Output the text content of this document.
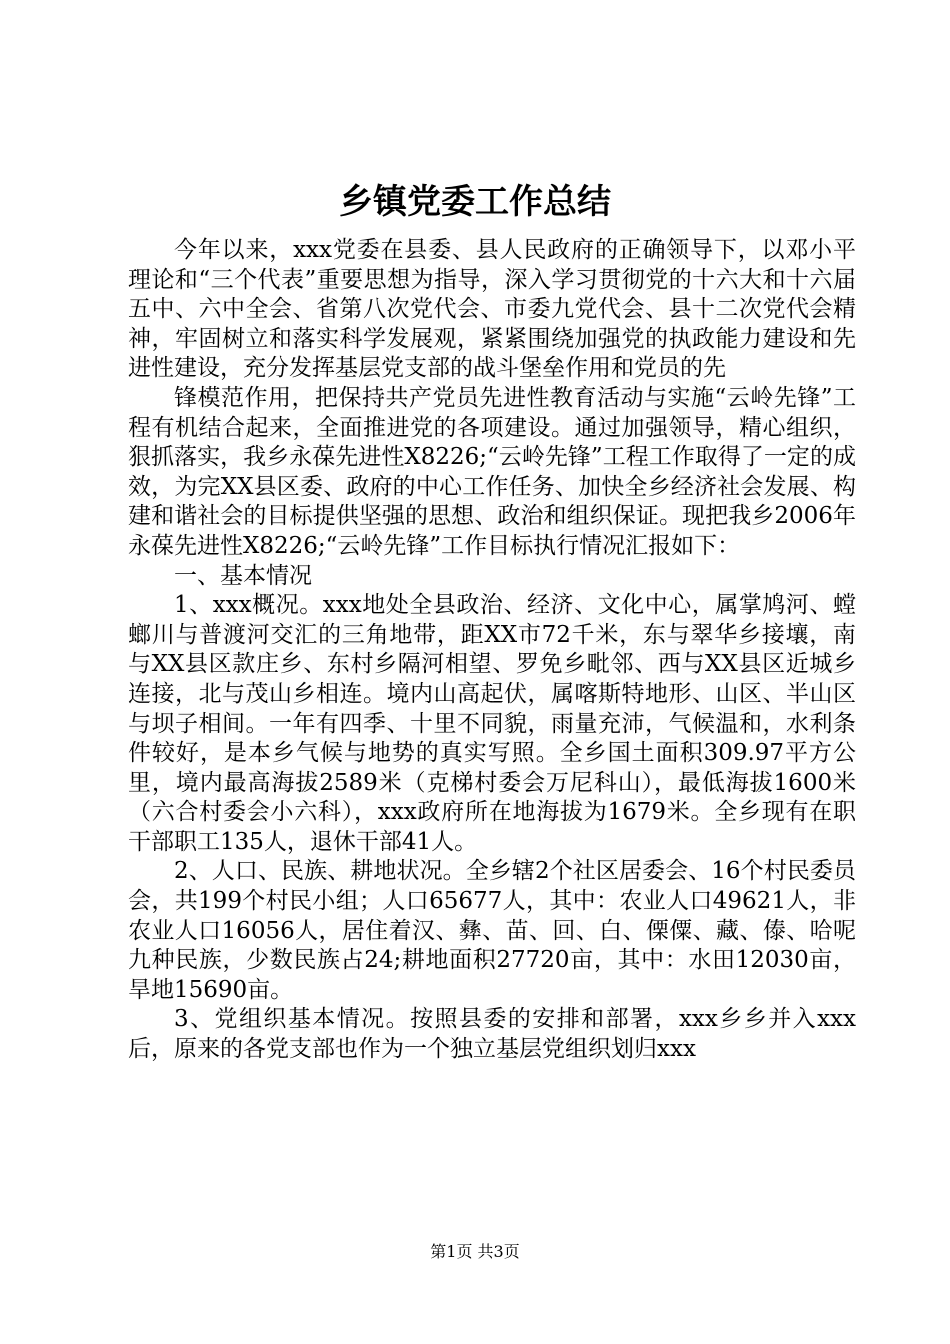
乡镇党委工作总结

今年以来，xxx党委在县委、县人民政府的正确领导下，以邓小平理论和“三个代表”重要思想为指导，深入学习贯彻党的十六大和十六届五中、六中全会、省第八次党代会、市委九党代会、县十二次党代会精神，牢固树立和落实科学发展观，紧紧围绕加强党的执政能力建设和先进性建设，充分发挥基层党支部的战斗堡垒作用和党员的先

锋模范作用，把保持共产党员先进性教育活动与实施“云岭先锋”工程有机结合起来，全面推进党的各项建设。通过加强领导，精心组织，狠抓落实，我乡永葆先进性X8226;“云岭先锋”工程工作取得了一定的成效，为完XX县区委、政府的中心工作任务、加快全乡经济社会发展、构建和谐社会的目标提供坚强的思想、政治和组织保证。现把我乡2006年永葆先进性X8226;“云岭先锋”工作目标执行情况汇报如下：

一、基本情况

1、xxx概况。xxx地处全县政治、经济、文化中心，属掌鸠河、螳螂川与普渡河交汇的三角地带，距XX市72千米，东与翠华乡接壤，南与XX县区款庄乡、东村乡隔河相望、罗免乡毗邻、西与XX县区近城乡连接，北与茂山乡相连。境内山高起伏，属喀斯特地形、山区、半山区与坝子相间。一年有四季、十里不同貌，雨量充沛，气候温和，水利条件较好，是本乡气候与地势的真实写照。全乡国土面积309.97平方公里，境内最高海拔2589米（克梯村委会万尼科山），最低海拔1600米（六合村委会小六科），xxx政府所在地海拔为1679米。全乡现有在职干部职工135人，退休干部41人。

2、人口、民族、耕地状况。全乡辖2个社区居委会、16个村民委员会，共199个村民小组；人口65677人，其中：农业人口49621人，非农业人口16056人，居住着汉、彝、苗、回、白、傈僳、藏、傣、哈呢九种民族，少数民族占24;耕地面积27720亩，其中：水田12030亩，旱地15690亩。

3、党组织基本情况。按照县委的安排和部署，xxx乡乡并入xxx后，原来的各党支部也作为一个独立基层党组织划归xxx

第1页 共3页
